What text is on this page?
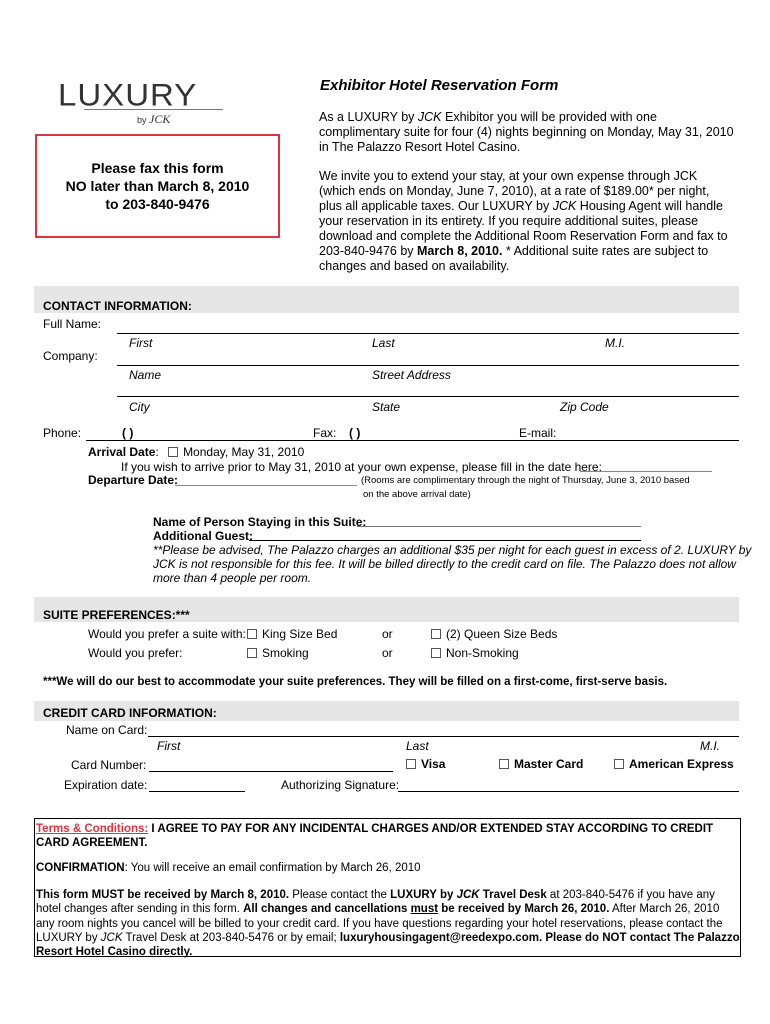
LUXURY
by JCK
Please fax this form
NO later than March 8, 2010
to 203-840-9476
Exhibitor Hotel Reservation Form
As a LUXURY by JCK Exhibitor you will be provided with one
complimentary suite for four (4) nights beginning on Monday, May 31, 2010
in The Palazzo Resort Hotel Casino.
We invite you to extend your stay, at your own expense through JCK
(which ends on Monday, June 7, 2010), at a rate of $189.00* per night,
plus all applicable taxes. Our LUXURY by JCK Housing Agent will handle
your reservation in its entirety. If you require additional suites, please
download and complete the Additional Room Reservation Form and fax to
203-840-9476 by March 8, 2010. * Additional suite rates are subject to
changes and based on availability.
CONTACT INFORMATION:
Full Name:
First	Last	M.I.
Company:
Name	Street Address
City	State	Zip Code
Phone:	( )	Fax: ( )	E-mail:
Arrival Date: Monday, May 31, 2010
If you wish to arrive prior to May 31, 2010 at your own expense, please fill in the date here:
Departure Date:	(Rooms are complimentary through the night of Thursday, June 3, 2010 based
on the above arrival date)
Name of Person Staying in this Suite:
Additional Guest:
**Please be advised, The Palazzo charges an additional $35 per night for each guest in excess of 2. LUXURY by
JCK is not responsible for this fee. It will be billed directly to the credit card on file. The Palazzo does not allow
more than 4 people per room.
SUITE PREFERENCES:***
Would you prefer a suite with:	King Size Bed	or	(2) Queen Size Beds
Would you prefer:	Smoking	or	Non-Smoking
***We will do our best to accommodate your suite preferences. They will be filled on a first-come, first-serve basis.
CREDIT CARD INFORMATION:
Name on Card:
First	Last	M.I.
Card Number:	Visa	Master Card	American Express
Expiration date:	Authorizing Signature:
Terms & Conditions: I AGREE TO PAY FOR ANY INCIDENTAL CHARGES AND/OR EXTENDED STAY ACCORDING TO CREDIT
CARD AGREEMENT.
CONFIRMATION: You will receive an email confirmation by March 26, 2010
This form MUST be received by March 8, 2010. Please contact the LUXURY by JCK Travel Desk at 203-840-5476 if you have any
hotel changes after sending in this form. All changes and cancellations must be received by March 26, 2010. After March 26, 2010
any room nights you cancel will be billed to your credit card. If you have questions regarding your hotel reservations, please contact the
LUXURY by JCK Travel Desk at 203-840-5476 or by email; luxuryhousingagent@reedexpo.com. Please do NOT contact The Palazzo
Resort Hotel Casino directly.
